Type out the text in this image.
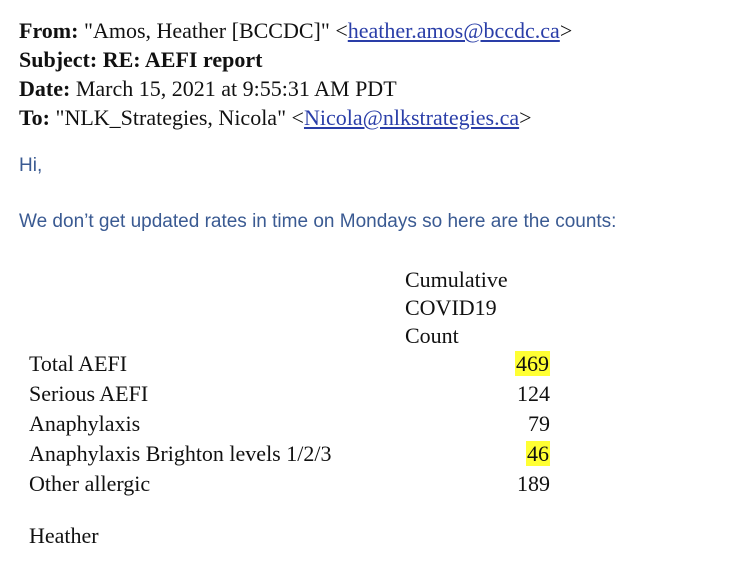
From: "Amos, Heather [BCCDC]" <heather.amos@bccdc.ca>
Subject: RE: AEFI report
Date: March 15, 2021 at 9:55:31 AM PDT
To: "NLK_Strategies, Nicola" <Nicola@nlkstrategies.ca>
Hi,
We don’t get updated rates in time on Mondays so here are the counts:
Cumulative
COVID19
Count
Total AEFI	469
Serious AEFI	124
Anaphylaxis	79
Anaphylaxis Brighton levels 1/2/3	46
Other allergic	189
Heather
